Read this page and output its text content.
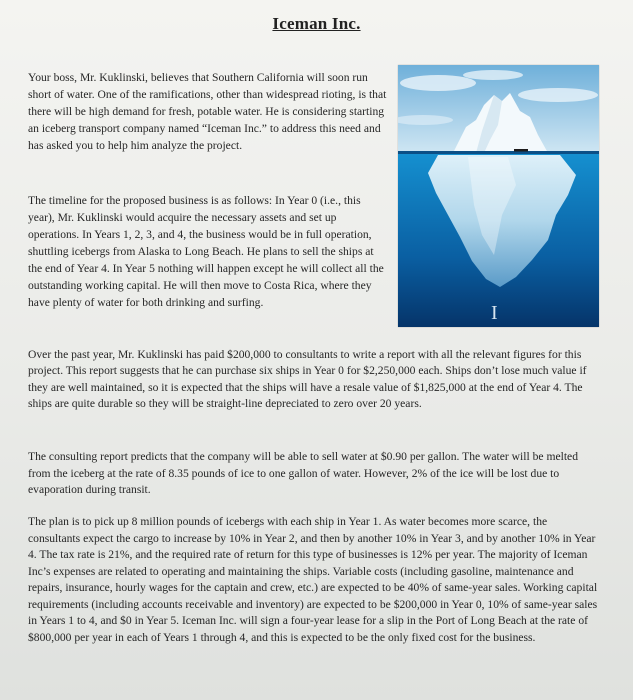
Iceman Inc.

Your boss, Mr. Kuklinski, believes that Southern California will soon run short of water. One of the ramifications, other than widespread rioting, is that there will be high demand for fresh, potable water. He is considering starting an iceberg transport company named “Iceman Inc.” to address this need and has asked you to help him analyze the project.

The timeline for the proposed business is as follows: In Year 0 (i.e., this year), Mr. Kuklinski would acquire the necessary assets and set up operations. In Years 1, 2, 3, and 4, the business would be in full operation, shuttling icebergs from Alaska to Long Beach. He plans to sell the ships at the end of Year 4. In Year 5 nothing will happen except he will collect all the outstanding working capital. He will then move to Costa Rica, where they have plenty of water for both drinking and surfing.	I

Over the past year, Mr. Kuklinski has paid $200,000 to consultants to write a report with all the relevant figures for this project. This report suggests that he can purchase six ships in Year 0 for $2,250,000 each. Ships don’t lose much value if they are well maintained, so it is expected that the ships will have a resale value of $1,825,000 at the end of Year 4. The ships are quite durable so they will be straight-line depreciated to zero over 20 years.

The consulting report predicts that the company will be able to sell water at $0.90 per gallon. The water will be melted from the iceberg at the rate of 8.35 pounds of ice to one gallon of water. However, 2% of the ice will be lost due to evaporation during transit.

The plan is to pick up 8 million pounds of icebergs with each ship in Year 1. As water becomes more scarce, the consultants expect the cargo to increase by 10% in Year 2, and then by another 10% in Year 3, and by another 10% in Year 4. The tax rate is 21%, and the required rate of return for this type of businesses is 12% per year. The majority of Iceman Inc’s expenses are related to operating and maintaining the ships. Variable costs (including gasoline, maintenance and repairs, insurance, hourly wages for the captain and crew, etc.) are expected to be 40% of same-year sales. Working capital requirements (including accounts receivable and inventory) are expected to be $200,000 in Year 0, 10% of same-year sales in Years 1 to 4, and $0 in Year 5. Iceman Inc. will sign a four-year lease for a slip in the Port of Long Beach at the rate of $800,000 per year in each of Years 1 through 4, and this is expected to be the only fixed cost for the business.
